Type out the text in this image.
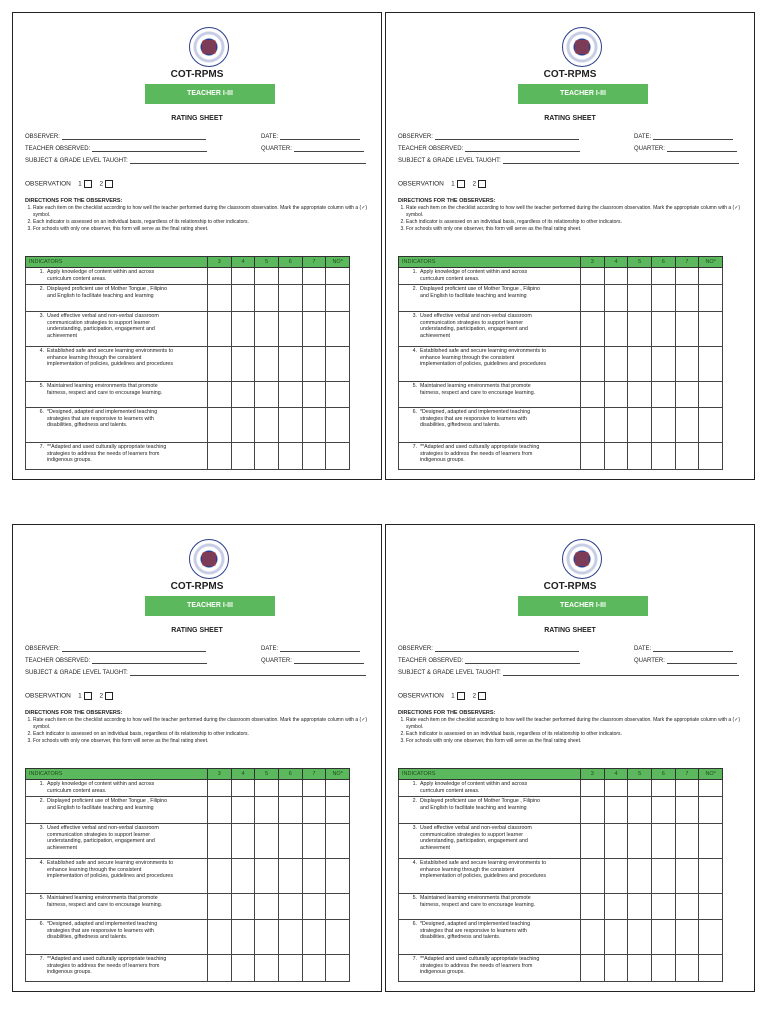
COT-RPMS
TEACHER I-III
RATING SHEET
OBSERVER:	DATE:
TEACHER OBSERVED:	QUARTER:
SUBJECT & GRADE LEVEL TAUGHT:
OBSERVATION 1	2
DIRECTIONS FOR THE OBSERVERS:
1. Rate each item on the checklist according to how well the teacher performed during the classroom observation. Mark the appropriate column with a (✓) symbol.
2. Each indicator is assessed on an individual basis, regardless of its relationship to other indicators.
3. For schools with only one observer, this form will serve as the final rating sheet.
INDICATORS	3	4	5	6	7	NO*
1. Apply knowledge of content within and across curriculum content areas.						
2. Displayed proficient use of Mother Tongue , Filipino and English to facilitate teaching and learning						
3. Used effective verbal and non-verbal classroom communication strategies to support learner understanding, participation, engagement and achievement						
4. Established safe and secure learning environments to enhance learning through the consistent implementation of policies, guidelines and procedures						
5. Maintained learning environments that promote fairness, respect and care to encourage learning.						
6. *Designed, adapted and implemented teaching strategies that are responsive to learners with disabilities, giftedness and talents.						
7. **Adapted and used culturally appropriate teaching strategies to address the needs of learners from indigenous groups.						
COT-RPMS
TEACHER I-III
RATING SHEET
OBSERVER:	DATE:
TEACHER OBSERVED:	QUARTER:
SUBJECT & GRADE LEVEL TAUGHT:
OBSERVATION 1	2
DIRECTIONS FOR THE OBSERVERS:
1. Rate each item on the checklist according to how well the teacher performed during the classroom observation. Mark the appropriate column with a (✓) symbol.
2. Each indicator is assessed on an individual basis, regardless of its relationship to other indicators.
3. For schools with only one observer, this form will serve as the final rating sheet.
INDICATORS	3	4	5	6	7	NO*
1. Apply knowledge of content within and across curriculum content areas.						
2. Displayed proficient use of Mother Tongue , Filipino and English to facilitate teaching and learning						
3. Used effective verbal and non-verbal classroom communication strategies to support learner understanding, participation, engagement and achievement						
4. Established safe and secure learning environments to enhance learning through the consistent implementation of policies, guidelines and procedures						
5. Maintained learning environments that promote fairness, respect and care to encourage learning.						
6. *Designed, adapted and implemented teaching strategies that are responsive to learners with disabilities, giftedness and talents.						
7. **Adapted and used culturally appropriate teaching strategies to address the needs of learners from indigenous groups.						
COT-RPMS
TEACHER I-III
RATING SHEET
OBSERVER:	DATE:
TEACHER OBSERVED:	QUARTER:
SUBJECT & GRADE LEVEL TAUGHT:
OBSERVATION 1	2
DIRECTIONS FOR THE OBSERVERS:
1. Rate each item on the checklist according to how well the teacher performed during the classroom observation. Mark the appropriate column with a (✓) symbol.
2. Each indicator is assessed on an individual basis, regardless of its relationship to other indicators.
3. For schools with only one observer, this form will serve as the final rating sheet.
INDICATORS	3	4	5	6	7	NO*
1. Apply knowledge of content within and across curriculum content areas.						
2. Displayed proficient use of Mother Tongue , Filipino and English to facilitate teaching and learning						
3. Used effective verbal and non-verbal classroom communication strategies to support learner understanding, participation, engagement and achievement						
4. Established safe and secure learning environments to enhance learning through the consistent implementation of policies, guidelines and procedures						
5. Maintained learning environments that promote fairness, respect and care to encourage learning.						
6. *Designed, adapted and implemented teaching strategies that are responsive to learners with disabilities, giftedness and talents.						
7. **Adapted and used culturally appropriate teaching strategies to address the needs of learners from indigenous groups.						
COT-RPMS
TEACHER I-III
RATING SHEET
OBSERVER:	DATE:
TEACHER OBSERVED:	QUARTER:
SUBJECT & GRADE LEVEL TAUGHT:
OBSERVATION 1	2
DIRECTIONS FOR THE OBSERVERS:
1. Rate each item on the checklist according to how well the teacher performed during the classroom observation. Mark the appropriate column with a (✓) symbol.
2. Each indicator is assessed on an individual basis, regardless of its relationship to other indicators.
3. For schools with only one observer, this form will serve as the final rating sheet.
INDICATORS	3	4	5	6	7	NO*
1. Apply knowledge of content within and across curriculum content areas.						
2. Displayed proficient use of Mother Tongue , Filipino and English to facilitate teaching and learning						
3. Used effective verbal and non-verbal classroom communication strategies to support learner understanding, participation, engagement and achievement						
4. Established safe and secure learning environments to enhance learning through the consistent implementation of policies, guidelines and procedures						
5. Maintained learning environments that promote fairness, respect and care to encourage learning.						
6. *Designed, adapted and implemented teaching strategies that are responsive to learners with disabilities, giftedness and talents.						
7. **Adapted and used culturally appropriate teaching strategies to address the needs of learners from indigenous groups.						
